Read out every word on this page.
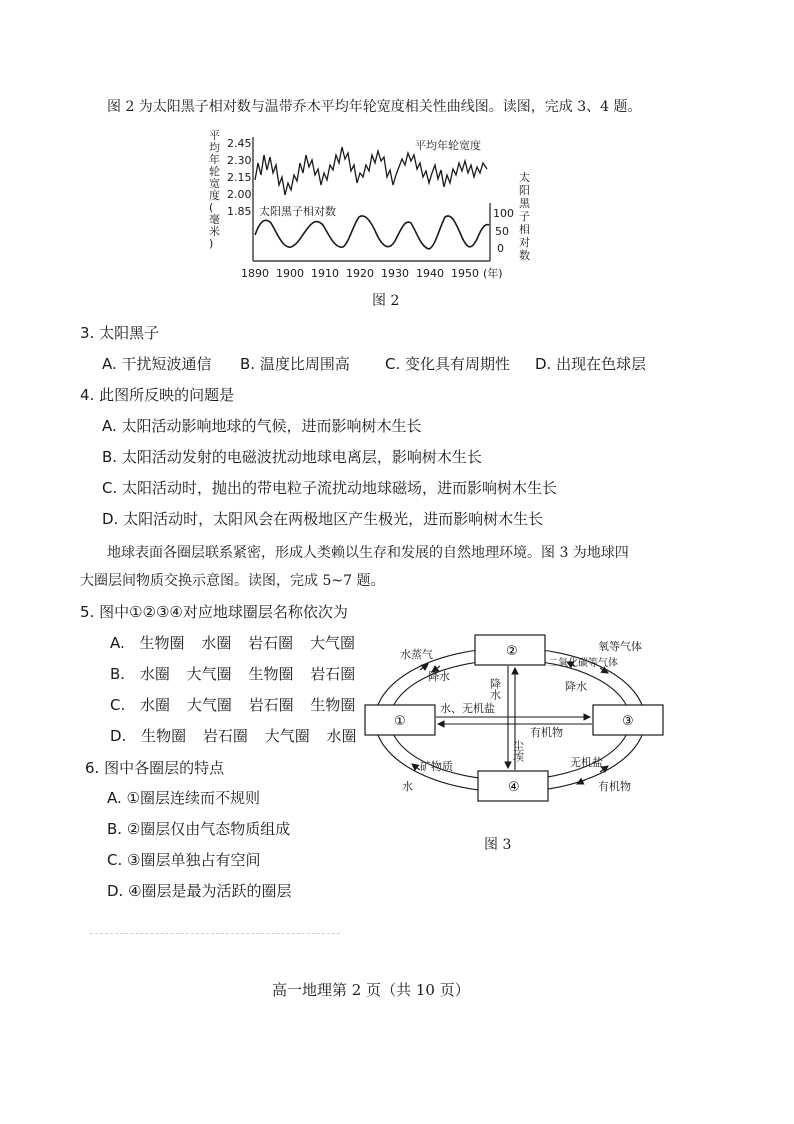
图 2 为太阳黑子相对数与温带乔木平均年轮宽度相关性曲线图。读图，完成 3、4 题。
平
均
年
轮
宽
度
(
毫
米
)
太
阳
黑
子
相
对
数
2.45
2.30
2.15
2.00
1.85	100
50
0
平均年轮宽度
太阳黑子相对数
1890 1900 1910 1920 1930 1940 1950 (年)
图 2
3. 太阳黑子
A. 干扰短波通信 B. 温度比周围高 C. 变化具有周期性 D. 出现在色球层
4. 此图所反映的问题是
A. 太阳活动影响地球的气候，进而影响树木生长
B. 太阳活动发射的电磁波扰动地球电离层，影响树木生长
C. 太阳活动时，抛出的带电粒子流扰动地球磁场，进而影响树木生长
D. 太阳活动时，太阳风会在两极地区产生极光，进而影响树木生长
地球表面各圈层联系紧密，形成人类赖以生存和发展的自然地理环境。图 3 为地球四
大圈层间物质交换示意图。读图，完成 5~7 题。
5. 图中①②③④对应地球圈层名称依次为
A. 生物圈 水圈 岩石圈 大气圈
B. 水圈 大气圈 生物圈 岩石圈
C. 水圈 大气圈 岩石圈 生物圈
D. 生物圈 岩石圈 大气圈 水圈
6. 图中各圈层的特点
A. ①圈层连续而不规则
B. ②圈层仅由气态物质组成
C. ③圈层单独占有空间
D. ④圈层是最为活跃的圈层
②
①	③
④
水蒸气
降水
降水
氧等气体
二氧化碳等气体
降水
水、无机盐
有机物
尘埃
矿物质
水
无机盐
有机物
图 3
高一地理第 2 页（共 10 页）
